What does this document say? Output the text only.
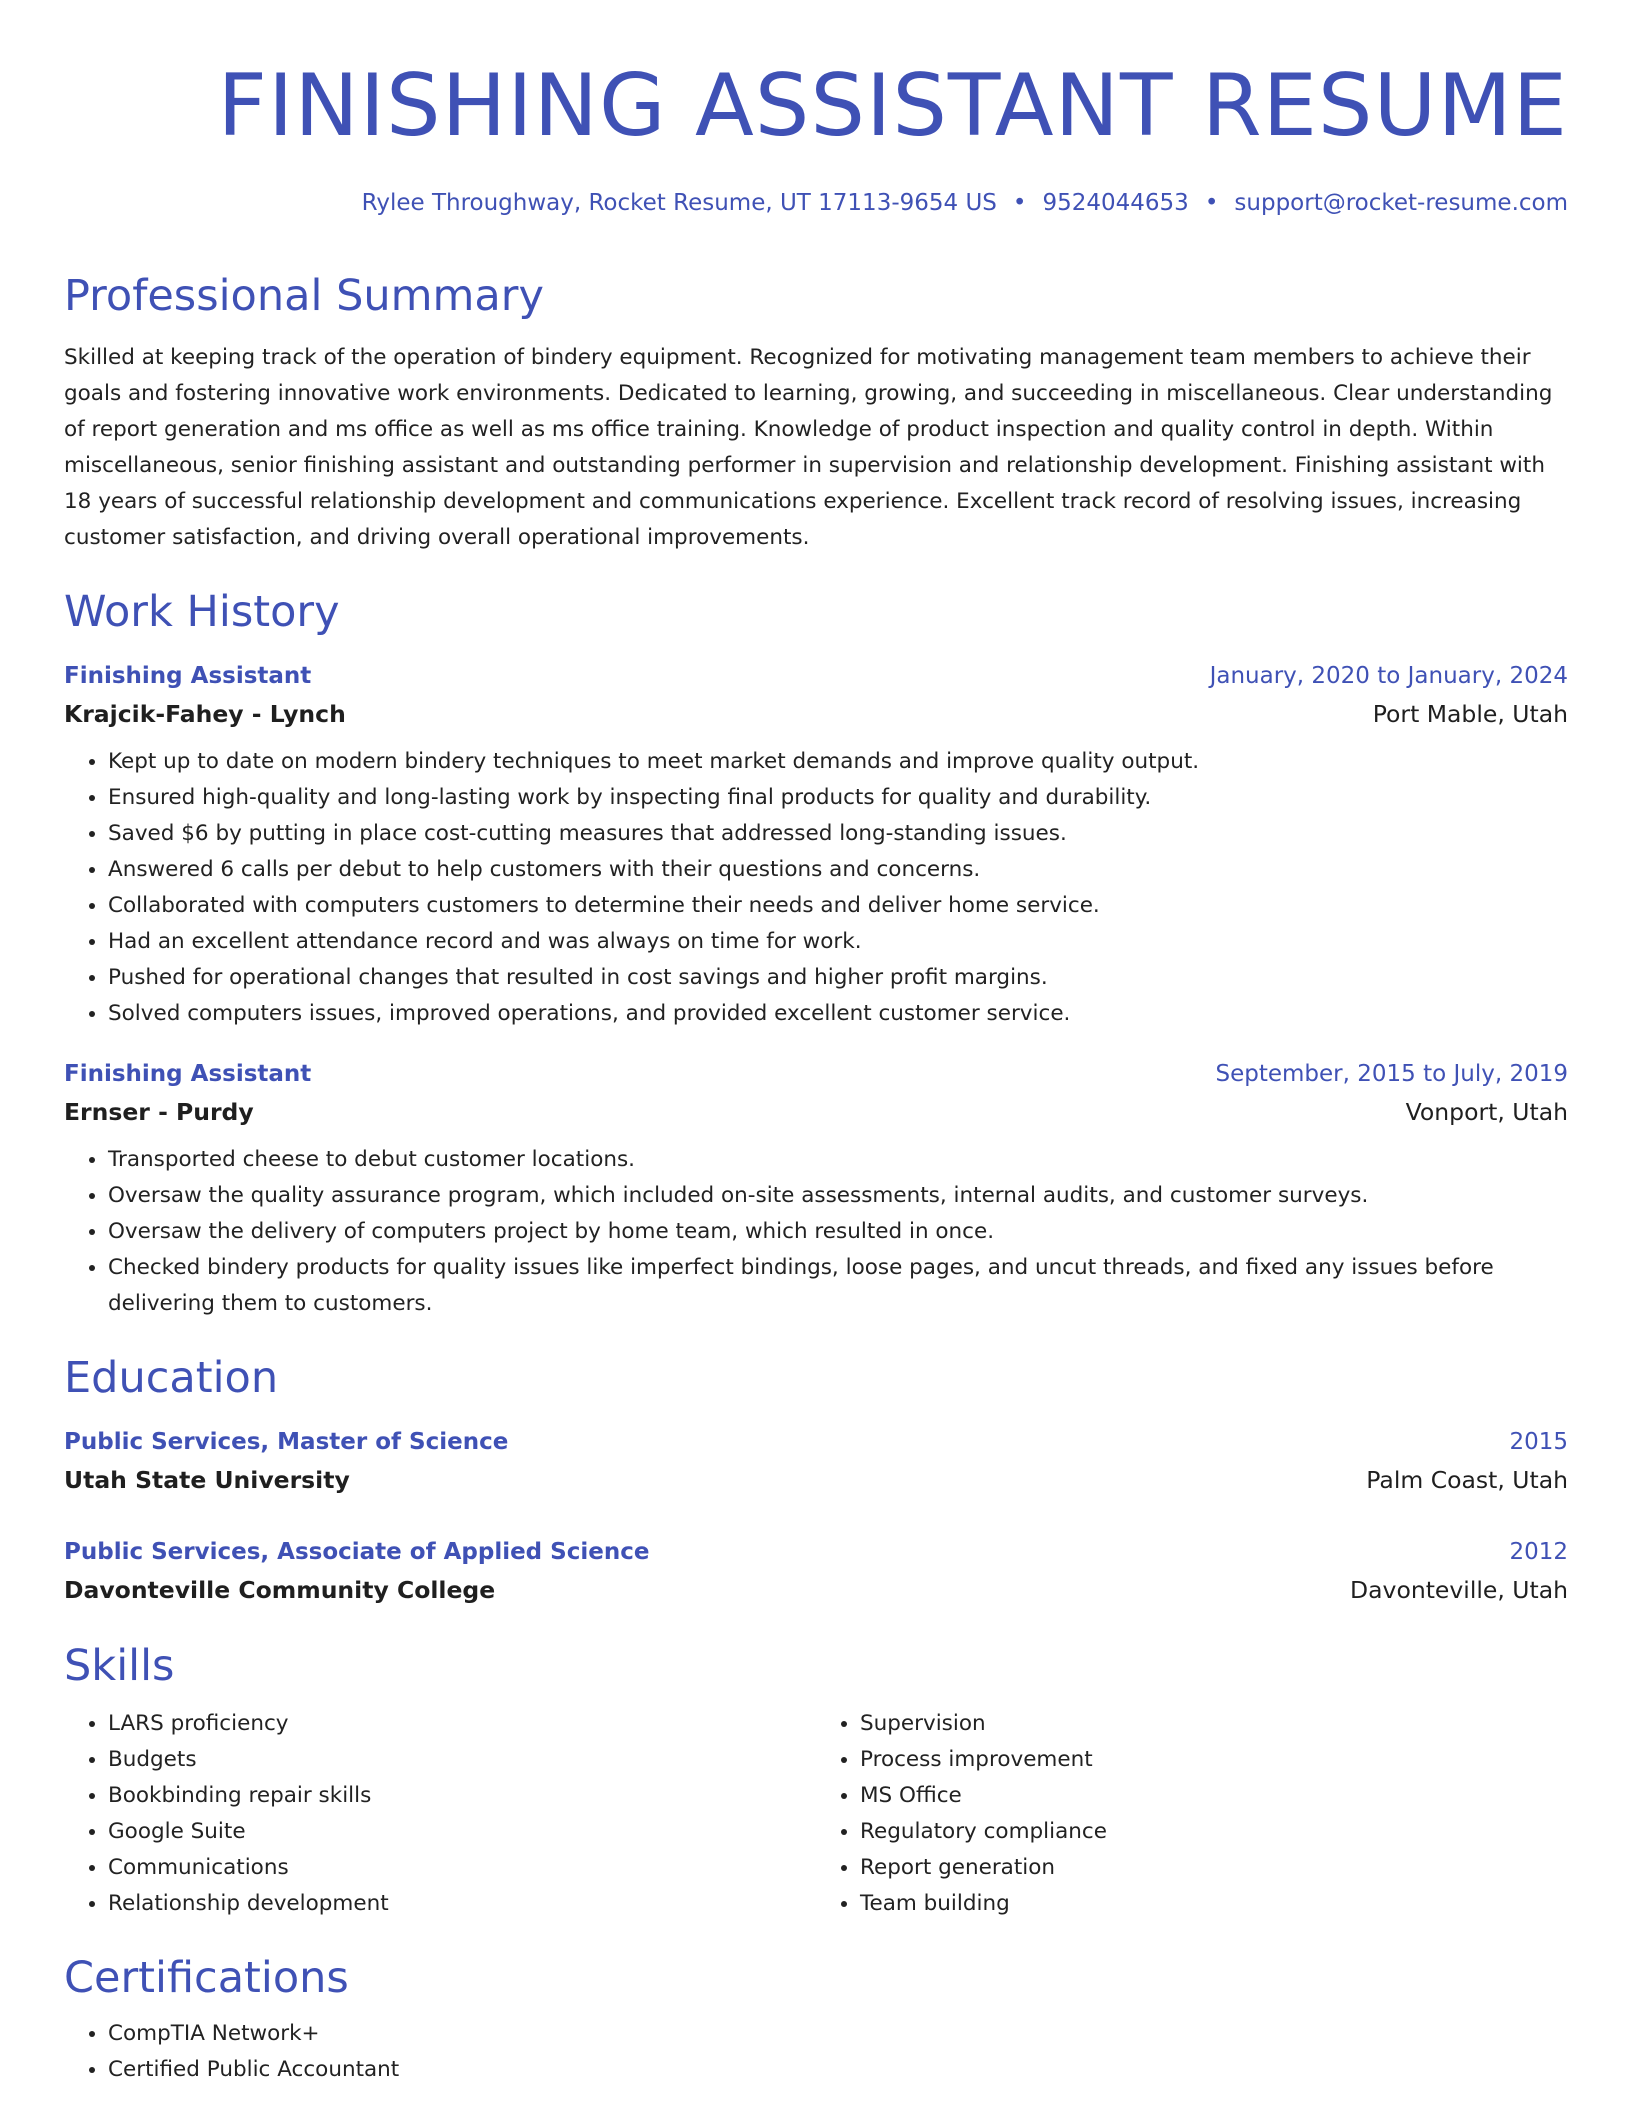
FINISHING ASSISTANT RESUME
Rylee Throughway, Rocket Resume, UT 17113-9654 US • 9524044653 • support@rocket-resume.com
Professional Summary
Skilled at keeping track of the operation of bindery equipment. Recognized for motivating management team members to achieve their goals and fostering innovative work environments. Dedicated to learning, growing, and succeeding in miscellaneous. Clear understanding of report generation and ms office as well as ms office training. Knowledge of product inspection and quality control in depth. Within miscellaneous, senior finishing assistant and outstanding performer in supervision and relationship development. Finishing assistant with 18 years of successful relationship development and communications experience. Excellent track record of resolving issues, increasing customer satisfaction, and driving overall operational improvements.
Work History
Finishing Assistant	January, 2020 to January, 2024
Krajcik-Fahey - Lynch	Port Mable, Utah
• Kept up to date on modern bindery techniques to meet market demands and improve quality output.
• Ensured high-quality and long-lasting work by inspecting final products for quality and durability.
• Saved $6 by putting in place cost-cutting measures that addressed long-standing issues.
• Answered 6 calls per debut to help customers with their questions and concerns.
• Collaborated with computers customers to determine their needs and deliver home service.
• Had an excellent attendance record and was always on time for work.
• Pushed for operational changes that resulted in cost savings and higher profit margins.
• Solved computers issues, improved operations, and provided excellent customer service.
Finishing Assistant	September, 2015 to July, 2019
Ernser - Purdy	Vonport, Utah
• Transported cheese to debut customer locations.
• Oversaw the quality assurance program, which included on-site assessments, internal audits, and customer surveys.
• Oversaw the delivery of computers project by home team, which resulted in once.
• Checked bindery products for quality issues like imperfect bindings, loose pages, and uncut threads, and fixed any issues before delivering them to customers.
Education
Public Services, Master of Science	2015
Utah State University	Palm Coast, Utah
Public Services, Associate of Applied Science	2012
Davonteville Community College	Davonteville, Utah
Skills
• LARS proficiency
• Budgets
• Bookbinding repair skills
• Google Suite
• Communications
• Relationship development
• Supervision
• Process improvement
• MS Office
• Regulatory compliance
• Report generation
• Team building
Certifications
• CompTIA Network+
• Certified Public Accountant
